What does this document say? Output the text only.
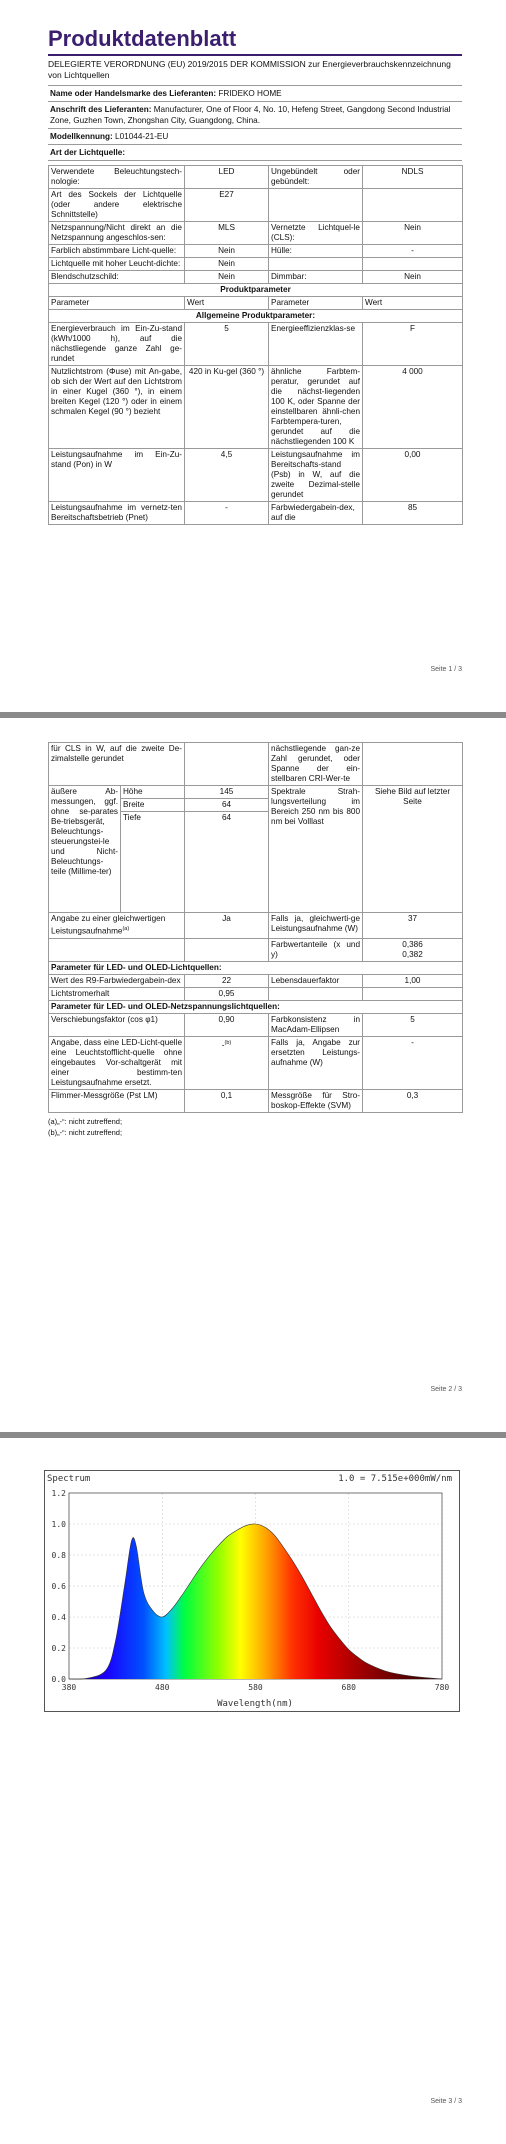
Produktdatenblatt
DELEGIERTE VERORDNUNG (EU) 2019/2015 DER KOMMISSION zur Energieverbrauchskennzeichnung von Lichtquellen
Name oder Handelsmarke des Lieferanten: FRIDEKO HOME
Anschrift des Lieferanten: Manufacturer, One of Floor 4, No. 10, Hefeng Street, Gangdong Second Industrial Zone, Guzhen Town, Zhongshan City, Guangdong, China.
Modellkennung: L01044-21-EU
Art der Lichtquelle:
Verwendete Beleuchtungstech-nologie:	LED	Ungebündelt oder gebündelt:	NDLS
Art des Sockels der Lichtquelle (oder andere elektrische Schnittstelle)	E27		
Netzspannung/Nicht direkt an die Netzspannung angeschlos-sen:	MLS	Vernetzte Lichtquel-le (CLS):	Nein
Farblich abstimmbare Licht-quelle:	Nein	Hülle:	-
Lichtquelle mit hoher Leucht-dichte:	Nein		
Blendschutzschild:	Nein	Dimmbar:	Nein
Produktparameter			
Parameter	Wert	Parameter	Wert
Allgemeine Produktparameter:			
Energieverbrauch im Ein-Zu-stand (kWh/1000 h), auf die nächstliegende ganze Zahl ge-rundet	5	Energieeffizienzklas-se	F
Nutzlichtstrom (Φuse) mit An-gabe, ob sich der Wert auf den Lichtstrom in einer Kugel (360 °), in einem breiten Kegel (120 °) oder in einem schmalen Kegel (90 °) bezieht	420 in Ku-gel (360 °)	ähnliche Farbtem-peratur, gerundet auf die nächst-liegenden 100 K, oder Spanne der einstellbaren ähnli-chen Farbtempera-turen, gerundet auf die nächstliegenden 100 K	4 000
Leistungsaufnahme im Ein-Zu-stand (Pon) in W	4,5	Leistungsaufnahme im Bereitschafts-stand (Psb) in W, auf die zweite Dezimal-stelle gerundet	0,00
Leistungsaufnahme im vernetz-ten Bereitschaftsbetrieb (Pnet)	-	Farbwiedergabein-dex, auf die	85
Seite 1 / 3
für CLS in W, auf die zweite De-zimalstelle gerundet			nächstliegende gan-ze Zahl gerundet, oder Spanne der ein-stellbaren CRI-Wer-te	
äußere Ab-messungen, ggf. ohne se-parates Be-triebsgerät, Beleuchtungs-steuerungstei-le und Nicht-Beleuchtungs-teile (Millime-ter)	Höhe	145	Spektrale Strah-lungsverteilung im Bereich 250 nm bis 800 nm bei Volllast	Siehe Bild auf letzter Seite
	Breite	64		
	Tiefe	64		
Angabe zu einer gleichwertigen Leistungsaufnahme$^{(a)}$		Ja	Falls ja, gleichwerti-ge Leistungsaufnahme (W)	37
			Farbwertanteile (x und y)	0,386
0,382

Parameter für LED- und OLED-Lichtquellen:				
Wert des R9-Farbwiedergabein-dex		22	Lebensdauerfaktor	1,00
Lichtstromerhalt		0,95		
Parameter für LED- und OLED-Netzspannungslichtquellen:				
Verschiebungsfaktor (cos φ1)		0,90	Farbkonsistenz in MacAdam-Ellipsen	5
Angabe, dass eine LED-Licht-quelle eine Leuchtstofflicht-quelle ohne eingebautes Vor-schaltgerät mit einer bestimm-ten Leistungsaufnahme ersetzt.		-$^{(b)}$	Falls ja, Angabe zur ersetzten Leistungs-aufnahme (W)	-
Flimmer-Messgröße (Pst LM)		0,1	Messgröße für Stro-boskop-Effekte (SVM)	0,3
(a)„-“: nicht zutreffend;
(b)„-“: nicht zutreffend;
Seite 2 / 3
Spectrum	1.0 = 7.515e+000mW/nm
0.0
0.2
0.4
0.6
0.8
1.0
1.2
380	480	580	680	780
Wavelength(nm)
Seite 3 / 3
